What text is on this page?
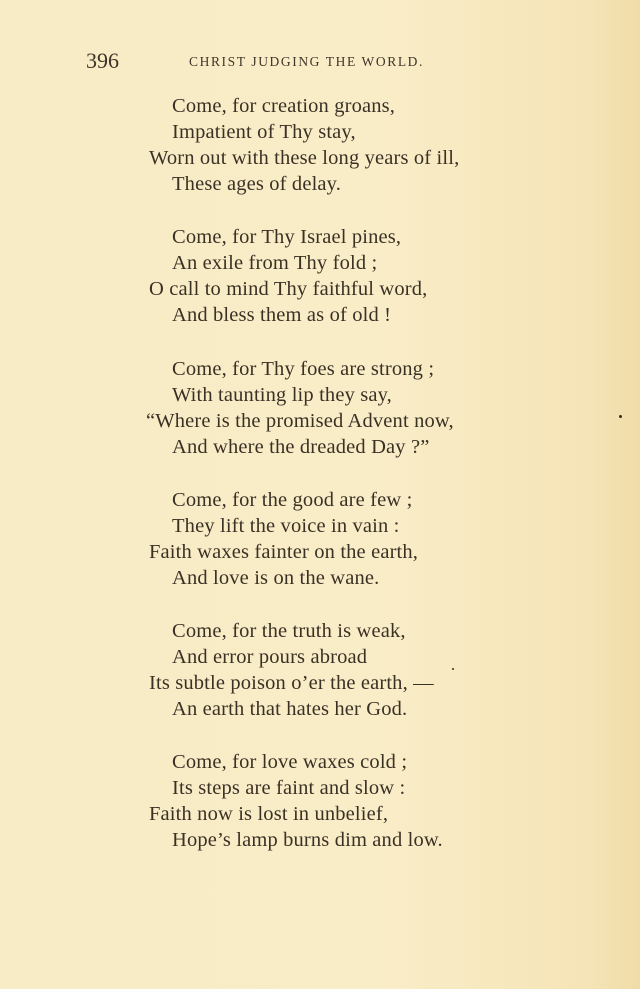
396	CHRIST JUDGING THE WORLD.
Come, for creation groans,
Impatient of Thy stay,
Worn out with these long years of ill,
These ages of delay.
Come, for Thy Israel pines,
An exile from Thy fold ;
O call to mind Thy faithful word,
And bless them as of old !
Come, for Thy foes are strong ;
With taunting lip they say,
“Where is the promised Advent now,
And where the dreaded Day ?”
Come, for the good are few ;
They lift the voice in vain :
Faith waxes fainter on the earth,
And love is on the wane.
Come, for the truth is weak,
And error pours abroad
Its subtle poison o’er the earth, —
An earth that hates her God.
Come, for love waxes cold ;
Its steps are faint and slow :
Faith now is lost in unbelief,
Hope’s lamp burns dim and low.
